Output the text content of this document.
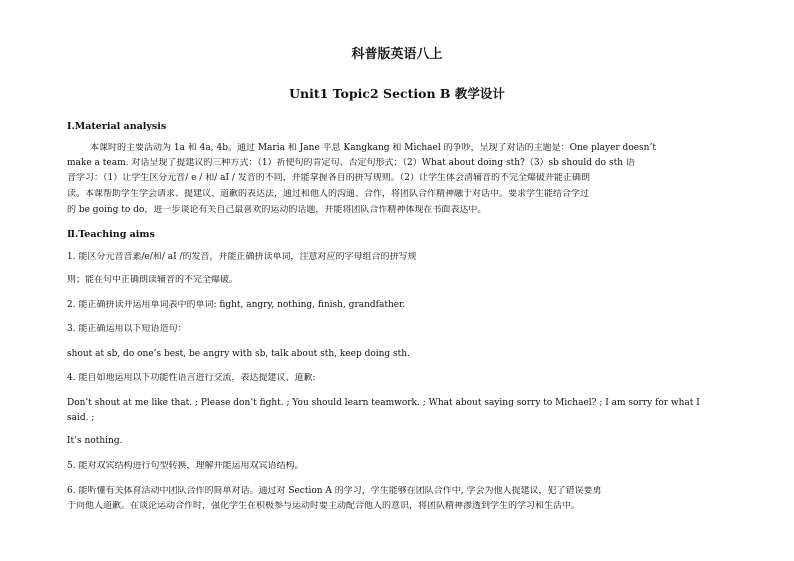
科普版英语八上
Unit1 Topic2 Section B 教学设计
Ⅰ.Material analysis
本课时的主要活动为 1a 和 4a, 4b。通过 Maria 和 Jane 平息 Kangkang 和 Michael 的争吵，呈现了对话的主题是：One player doesn’t
make a team. 对话呈现了提建议的三种方式：（1）祈使句的肯定句、否定句形式；（2）What about doing sth?（3）sb should do sth 语
音学习：（1）让学生区分元音/ e / 和/ aI / 发音的不同，并能掌握各自的拼写规则。（2）让学生体会清辅音的不完全爆破并能正确朗
读。本课帮助学生学会请求、提建议、道歉的表达法，通过和他人的沟通、合作，将团队合作精神融于对话中。要求学生能结合学过
的 be going to do，进一步谈论有关自己最喜欢的运动的话题，并能将团队合作精神体现在书面表达中。
Ⅱ.Teaching aims
1. 能区分元音音素/e/和/ aI /的发音，并能正确拼读单词，注意对应的字母组合的拼写规
则；能在句中正确朗读辅音的不完全爆破。
2. 能正确拼读并运用单词表中的单词: fight, angry, nothing, finish, grandfather.
3. 能正确运用以下短语造句：
shout at sb, do one’s best, be angry with sb, talk about sth, keep doing sth.
4. 能自如地运用以下功能性语言进行交流，表达提建议、道歉:
Don’t shout at me like that. ; Please don’t fight. ; You should learn teamwork. ; What about saying sorry to Michael? ; I am sorry for what I
said. ;
It’s nothing.
5. 能对双宾结构进行句型转换，理解并能运用双宾语结构。
6. 能听懂有关体育活动中团队合作的简单对话。通过对 Section A 的学习，学生能够在团队合作中, 学会为他人提建议，犯了错误要勇
于向他人道歉。在谈论运动合作时，强化学生在积极参与运动时要主动配合他人的意识，将团队精神渗透到学生的学习和生活中。
